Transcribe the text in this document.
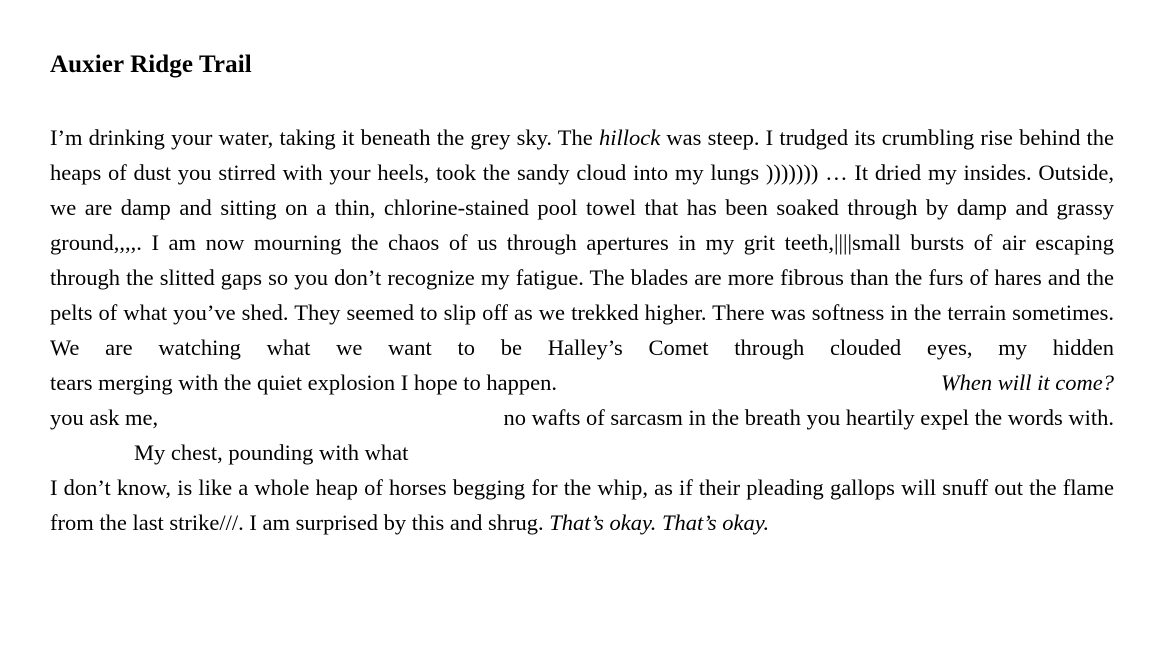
Auxier Ridge Trail
I’m drinking your water, taking it beneath the grey sky. The hillock was steep. I trudged its crumbling rise behind the heaps of dust you stirred with your heels, took the sandy cloud into my lungs ))))))) … It dried my insides. Outside, we are damp and sitting on a thin, chlorine-stained pool towel that has been soaked through by damp and grassy ground,,,,. I am now mourning the chaos of us through apertures in my grit teeth,||||small bursts of air escaping through the slitted gaps so you don’t recognize my fatigue. The blades are more fibrous than the furs of hares and the pelts of what you’ve shed. They seemed to slip off as we trekked higher. There was softness in the terrain sometimes. We are watching what we want to be Halley’s Comet through clouded eyes, my hidden
tears merging with the quiet explosion I hope to happen.	When will it come?
you ask me,	no wafts of sarcasm in the breath you heartily expel the words with.
My chest, pounding with what
I don’t know, is like a whole heap of horses begging for the whip, as if their pleading gallops will snuff out the flame from the last strike///. I am surprised by this and shrug. That’s okay. That’s okay.
